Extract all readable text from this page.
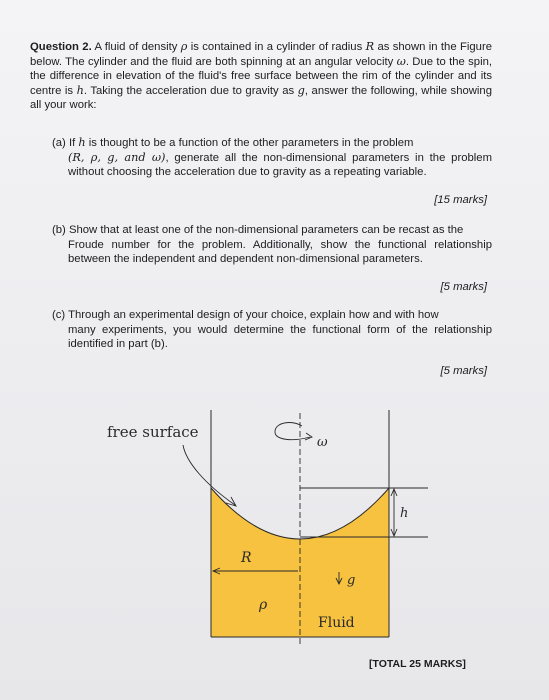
Question 2. A fluid of density ρ is contained in a cylinder of radius R as shown in the Figure below. The cylinder and the fluid are both spinning at an angular velocity ω. Due to the spin, the difference in elevation of the fluid's free surface between the rim of the cylinder and its centre is h. Taking the acceleration due to gravity as g, answer the following, while showing all your work:
(a) If h is thought to be a function of the other parameters in the problem
(R, ρ, g, and ω), generate all the non-dimensional parameters in the problem without choosing the acceleration due to gravity as a repeating variable.
[15 marks]
(b) Show that at least one of the non-dimensional parameters can be recast as the
Froude number for the problem. Additionally, show the functional relationship between the independent and dependent non-dimensional parameters.
[5 marks]
(c) Through an experimental design of your choice, explain how and with how
many experiments, you would determine the functional form of the relationship identified in part (b).
[5 marks]
ω
free surface
h
R
g
ρ
Fluid
[TOTAL 25 MARKS]
